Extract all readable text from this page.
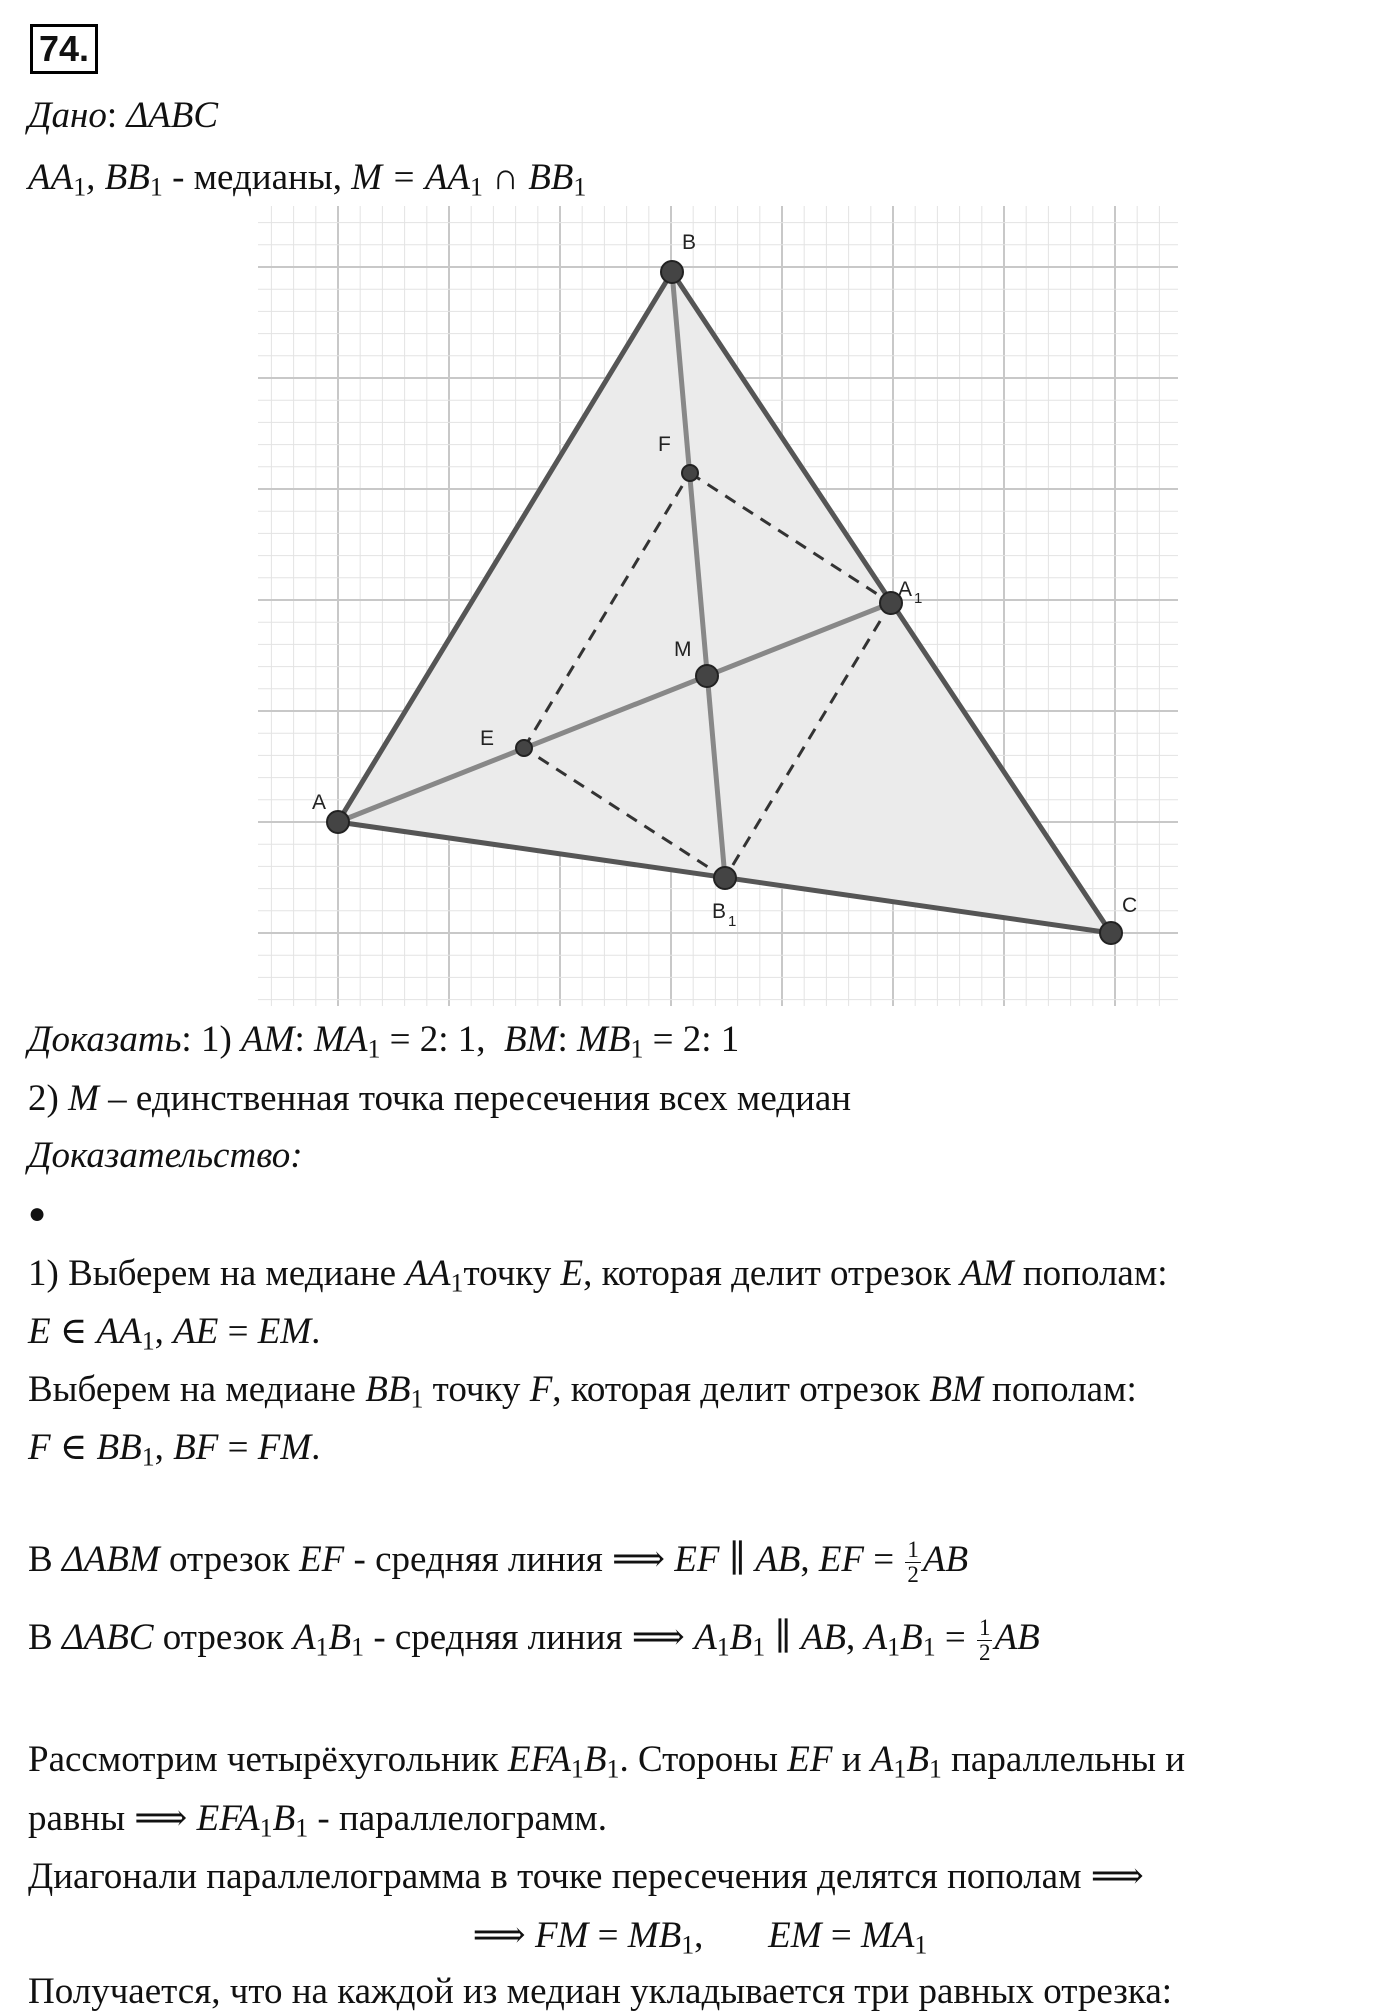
74.
Дано: ΔABC
$AA_1$, $BB_1$ - медианы, $M = AA_1$ ∩ $BB_1$
A
B
C
M
E
F
A 1
B 1
Доказать: 1) AM: $MA_1 = 2$: 1,  BM: $MB_1 = 2$: 1
2) M – единственная точка пересечения всех медиан
Доказательство:
●
1) Выберем на медиане $AA_1точку$ E, которая делит отрезок AM пополам:
E ∈ $AA_1$, AE = EM.
Выберем на медиане $BB_1$ точку F, которая делит отрезок BM пополам:
F ∈ $BB_1$, BF = FM.
В ΔABM отрезок EF - средняя линия ⟹ EF ∥ AB, EF = $\frac{1}{2}$ AB
В ΔABC отрезок $A_1B_1$ - средняя линия ⟹ $A_1B_1$ ∥ AB, $A_1B_1 = \frac{1}{2}$ AB
Рассмотрим четырёхугольник $EFA_1B_1$. Стороны EF и $A_1B_1$ параллельны и
равны ⟹ $EFA_1B_1$ - параллелограмм.
Диагонали параллелограмма в точке пересечения делятся пополам ⟹
⟹ FM = $MB_1$,       EM = $MA_1$
Получается, что на каждой из медиан укладывается три равных отрезка:
